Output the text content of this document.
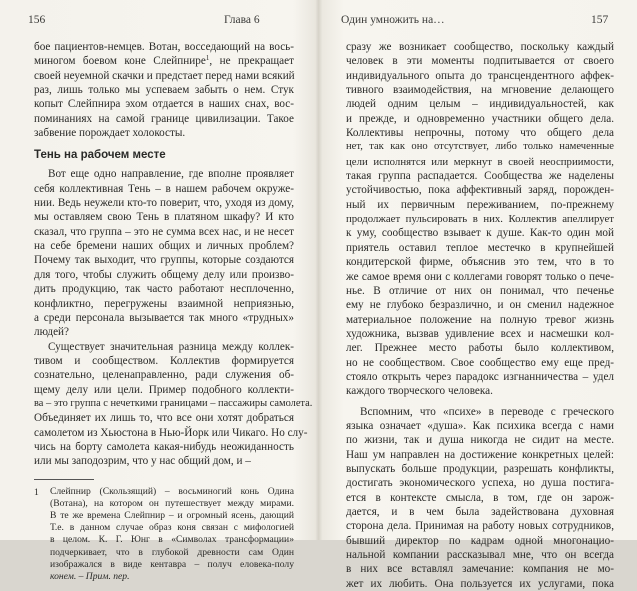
156	Глава 6
бое пациентов-немцев. Вотан, восседающий на вось-
миногом боевом коне Слейпнире$^1$, не прекращает
своей неуемной скачки и предстает перед нами всякий
раз, лишь только мы успеваем забыть о нем. Стук
копыт Слейпнира эхом отдается в наших снах, вос-
поминаниях на самой границе цивилизации. Такое
забвение порождает холокосты.
Тень на рабочем месте
Вот еще одно направление, где вполне проявляет
себя коллективная Тень – в нашем рабочем окруже-
нии. Ведь неужели кто-то поверит, что, уходя из дому,
мы оставляем свою Тень в платяном шкафу? И кто
сказал, что группа – это не сумма всех нас, и не несет
на себе бремени наших общих и личных проблем?
Почему так выходит, что группы, которые создаются
для того, чтобы служить общему делу или произво-
дить продукцию, так часто работают несплоченно,
конфликтно, перегружены взаимной неприязнью,
а среди персонала вызывается так много «трудных»
людей?
Существует значительная разница между коллек-
тивом и сообществом. Коллектив формируется
сознательно, целенаправленно, ради служения об-
щему делу или цели. Пример подобного коллекти-
ва – это группа с нечеткими границами – пассажиры самолета.
Объединяет их лишь то, что все они хотят добраться
самолетом из Хьюстона в Нью-Йорк или Чикаго. Но слу-
чись на борту самолета какая-нибудь неожиданность
или мы заподозрим, что у нас общий дом, и –
1 Слейпнир (Скользящий) – восьминогий конь Одина
(Вотана), на котором он путешествует между мирами.
В те же времена Слейпнир – и огромный ясень, дающий
Т.е. в данном случае образ коня связан с мифологией
в целом. К. Г. Юнг в «Символах трансформации»
подчеркивает, что в глубокой древности сам Один
изображался в виде кентавра – получ еловека-полу
конем. – Прим. пер.
Один умножить на…	157
сразу же возникает сообщество, поскольку каждый
человек в эти моменты подпитывается от своего
индивидуального опыта до трансцендентного аффек-
тивного взаимодействия, на мгновение делающего
людей одним целым – индивидуальностей, как
и прежде, и одновременно участники общего дела.
Коллективы непрочны, потому что общего дела
нет, так как оно отсутствует, либо только намеченные
цели исполнятся или меркнут в своей неосприимости,
такая группа распадается. Сообщества же наделены
устойчивостью, пока аффективный заряд, порожден-
ный их первичным переживанием, по-прежнему
продолжает пульсировать в них. Коллектив апеллирует
к уму, сообщество взывает к душе. Как-то один мой
приятель оставил теплое местечко в крупнейшей
кондитерской фирме, объяснив это тем, что в то
же самое время они с коллегами говорят только о пече-
нье. В отличие от них он понимал, что печенье
ему не глубоко безразлично, и он сменил надежное
материальное положение на полную тревог жизнь
художника, вызвав удивление всех и насмешки кол-
лег. Прежнее место работы было коллективом,
но не сообществом. Свое сообщество ему еще пред-
стояло открыть через парадокс изгнанничества – удел
каждого творческого человека.
Вспомним, что «психе» в переводе с греческого
языка означает «душа». Как психика всегда с нами
по жизни, так и душа никогда не сидит на месте.
Наш ум направлен на достижение конкретных целей:
выпускать больше продукции, разрешать конфликты,
достигать экономического успеха, но душа постига-
ется в контексте смысла, в том, где он зарож-
дается, и в чем была задействована духовная
сторона дела. Принимая на работу новых сотрудников,
бывший директор по кадрам одной многонацио-
нальной компании рассказывал мне, что он всегда
в них все вставлял замечание: компания не мо-
жет их любить. Она пользуется их услугами, пока
